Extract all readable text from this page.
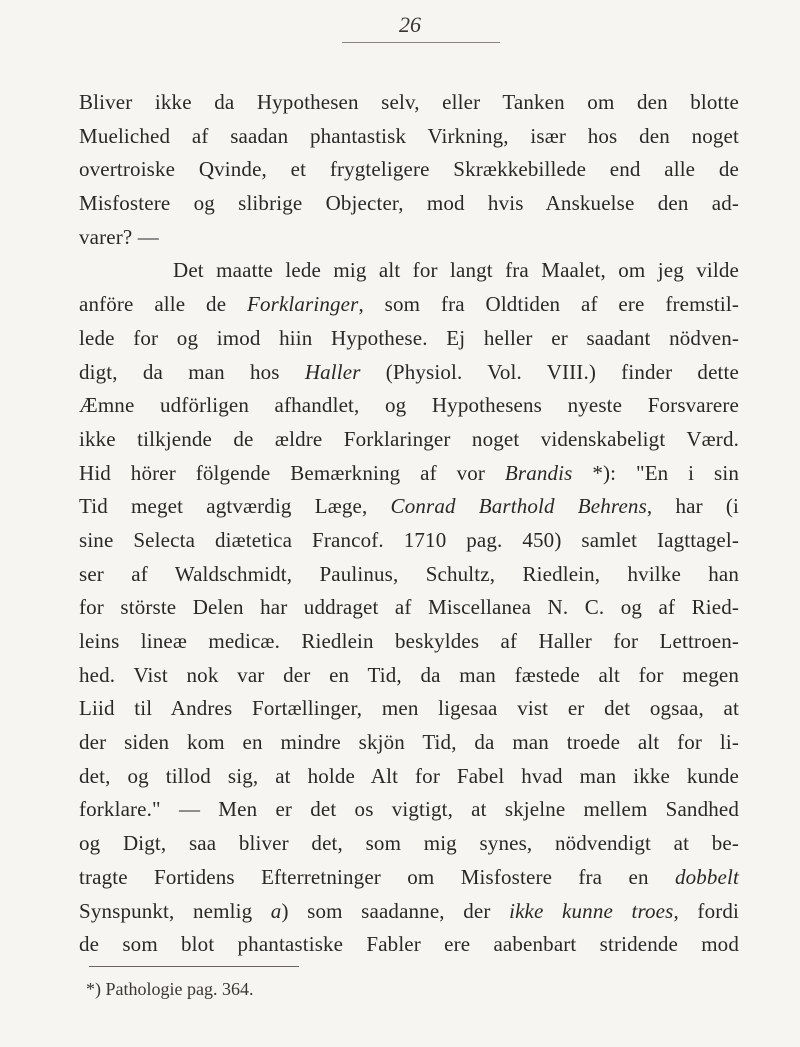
26
Bliver ikke da Hypothesen selv, eller Tanken om den blotte
Mueliched af saadan phantastisk Virkning, især hos den noget
overtroiske Qvinde, et frygteligere Skrækkebillede end alle de
Misfostere og slibrige Objecter, mod hvis Anskuelse den ad-
varer? —
Det maatte lede mig alt for langt fra Maalet, om jeg vilde
anföre alle de Forklaringer, som fra Oldtiden af ere fremstil-
lede for og imod hiin Hypothese. Ej heller er saadant nödven-
digt, da man hos Haller (Physiol. Vol. VIII.) finder dette
Æmne udförligen afhandlet, og Hypothesens nyeste Forsvarere
ikke tilkjende de ældre Forklaringer noget videnskabeligt Værd.
Hid hörer fölgende Bemærkning af vor Brandis *): "En i sin
Tid meget agtværdig Læge, Conrad Barthold Behrens, har (i
sine Selecta diætetica Francof. 1710 pag. 450) samlet Iagttagel-
ser af Waldschmidt, Paulinus, Schultz, Riedlein, hvilke han
for störste Delen har uddraget af Miscellanea N. C. og af Ried-
leins lineæ medicæ. Riedlein beskyldes af Haller for Lettroen-
hed. Vist nok var der en Tid, da man fæstede alt for megen
Liid til Andres Fortællinger, men ligesaa vist er det ogsaa, at
der siden kom en mindre skjön Tid, da man troede alt for li-
det, og tillod sig, at holde Alt for Fabel hvad man ikke kunde
forklare." — Men er det os vigtigt, at skjelne mellem Sandhed
og Digt, saa bliver det, som mig synes, nödvendigt at be-
tragte Fortidens Efterretninger om Misfostere fra en dobbelt
Synspunkt, nemlig a) som saadanne, der ikke kunne troes, fordi
de som blot phantastiske Fabler ere aabenbart stridende mod
*) Pathologie pag. 364.
